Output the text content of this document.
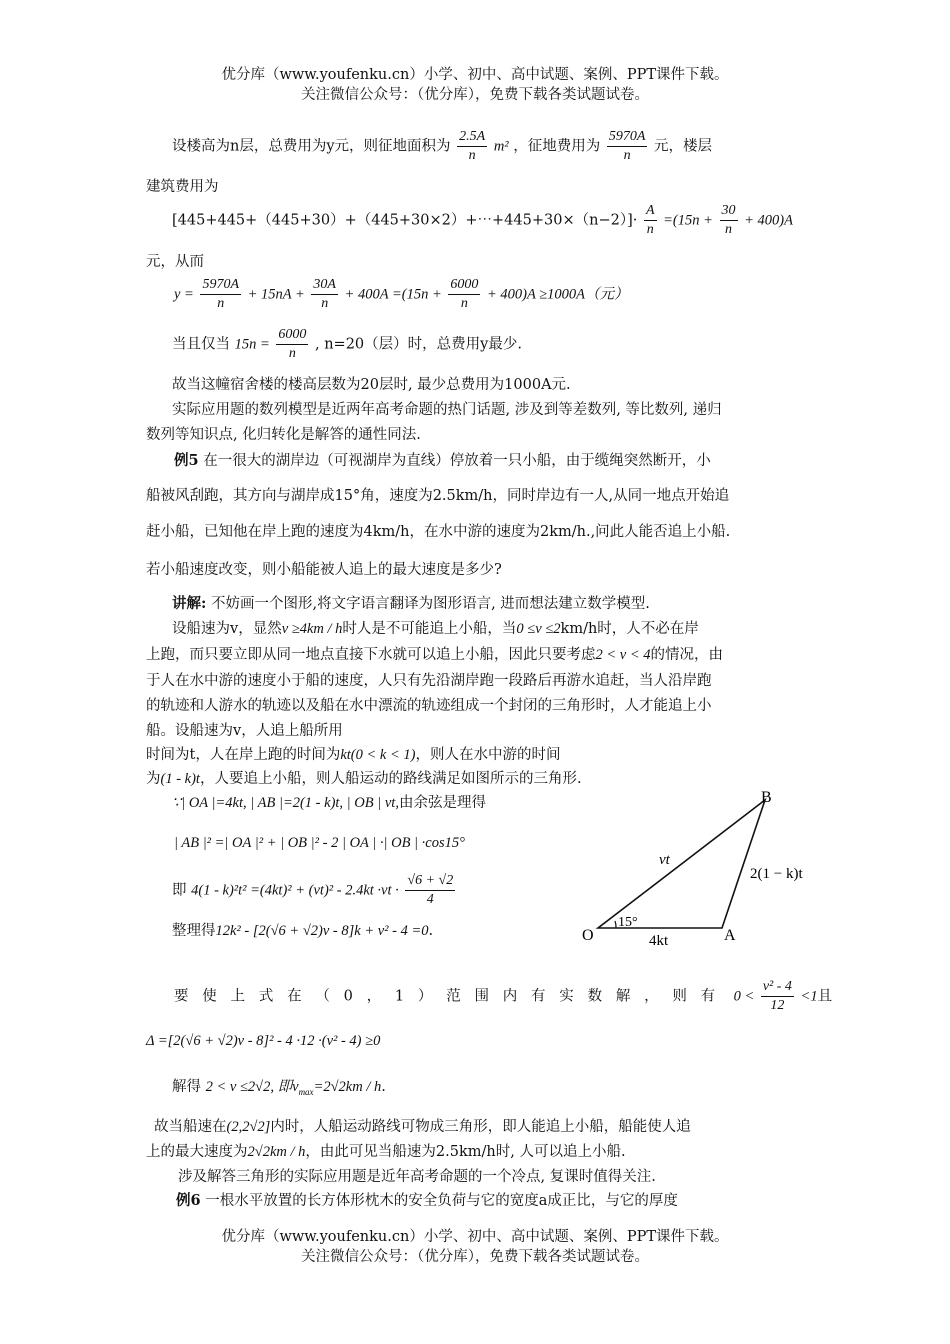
优分库（www.youfenku.cn）小学、初中、高中试题、案例、PPT课件下载。
关注微信公众号：（优分库），免费下载各类试题试卷。
设楼高为n层，总费用为y元，则征地面积为 $\frac{2.5A}{n} m^2$ ，征地费用为 $\frac{5970A}{n}$ 元，楼层
建筑费用为
[445+445+（445+30）+（445+30×2）+⋯+445+30×（n−2）]· $\frac{A}{n} =(15n + \frac{30}{n} + 400)A$
元，从而
$y = \frac{5970A}{n} + 15nA + \frac{30A}{n} + 400A =(15n + \frac{6000}{n} + 400)A \ge 1000A$（元）
当且仅当 $15n = \frac{6000}{n}$ , n=20（层）时，总费用y最少.
故当这幢宿舍楼的楼高层数为20层时, 最少总费用为1000A元.
实际应用题的数列模型是近两年高考命题的热门话题, 涉及到等差数列, 等比数列, 递归
数列等知识点, 化归转化是解答的通性同法.
例5 在一很大的湖岸边（可视湖岸为直线）停放着一只小船，由于缆绳突然断开，小
船被风刮跑，其方向与湖岸成15°角，速度为2.5km/h，同时岸边有一人,从同一地点开始追
赶小船，已知他在岸上跑的速度为4km/h，在水中游的速度为2km/h.,问此人能否追上小船.
若小船速度改变，则小船能被人追上的最大速度是多少?
讲解: 不妨画一个图形,将文字语言翻译为图形语言, 进而想法建立数学模型.
设船速为v，显然v ≥4km / h时人是不可能追上小船，当0 ≤v ≤2km/h时，人不必在岸
上跑，而只要立即从同一地点直接下水就可以追上小船，因此只要考虑2 < v < 4的情况，由
于人在水中游的速度小于船的速度，人只有先沿湖岸跑一段路后再游水追赶，当人沿岸跑
的轨迹和人游水的轨迹以及船在水中漂流的轨迹组成一个封闭的三角形时，人才能追上小
船。设船速为v，人追上船所用
时间为t，人在岸上跑的时间为kt(0 < k < 1)，则人在水中游的时间
为(1 - k)t，人要追上小船，则人船运动的路线满足如图所示的三角形.
∵| OA |=4kt, | AB |=2(1 - k)t, | OB | vt,由余弦是理得
| AB |² =| OA |² + | OB |² - 2 | OA | ·| OB | ·cos15°
即 $4(1 - k)^2t^2 =(4kt)^2 + (vt)^2 - 2.4kt \cdot vt \cdot \frac{√6 + √2}{4}$
整理得12k² - [2(√6 + √2)v - 8]k + v² - 4 =0.
B
O	A
vt
2(1 − k)t
4kt
15°
要使上式在（0，1）范围内有实数解，则有 $0 < \frac{\text{v² - 4}}{12} <1$且
Δ =[2(√6 + √2)v - 8]² - 4 ·12 ·(v² - 4) ≥0
解得 2 < v ≤2√2, 即$v_{max}=2√2km / h$.
故当船速在(2,2√2]内时，人船运动路线可物成三角形，即人能追上小船，船能使人追
上的最大速度为2√2km / h，由此可见当船速为2.5km/h时, 人可以追上小船.
涉及解答三角形的实际应用题是近年高考命题的一个冷点, 复课时值得关注.
例6 一根水平放置的长方体形枕木的安全负荷与它的宽度a成正比，与它的厚度
优分库（www.youfenku.cn）小学、初中、高中试题、案例、PPT课件下载。
关注微信公众号：（优分库），免费下载各类试题试卷。
